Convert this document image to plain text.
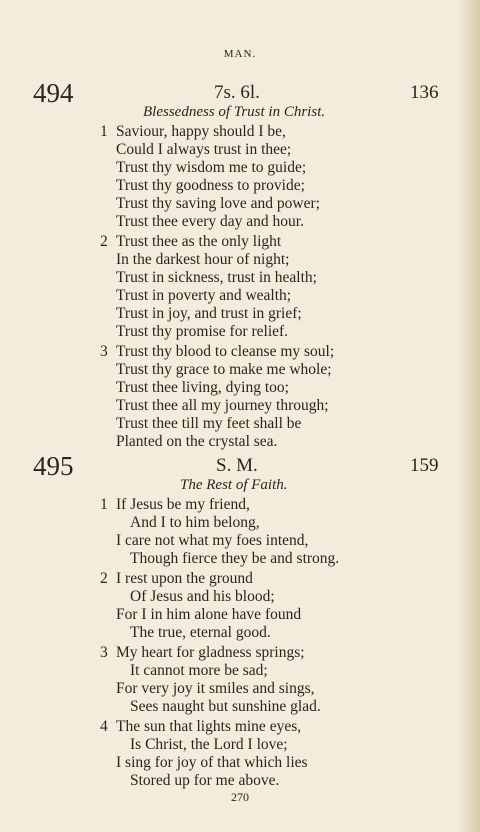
MAN.
494	7s. 6l.	136
Blessedness of Trust in Christ.
1 Saviour, happy should I be,
Could I always trust in thee;
Trust thy wisdom me to guide;
Trust thy goodness to provide;
Trust thy saving love and power;
Trust thee every day and hour.
2 Trust thee as the only light
In the darkest hour of night;
Trust in sickness, trust in health;
Trust in poverty and wealth;
Trust in joy, and trust in grief;
Trust thy promise for relief.
3 Trust thy blood to cleanse my soul;
Trust thy grace to make me whole;
Trust thee living, dying too;
Trust thee all my journey through;
Trust thee till my feet shall be
Planted on the crystal sea.
495	S. M.	159
The Rest of Faith.
1 If Jesus be my friend,
And I to him belong,
I care not what my foes intend,
Though fierce they be and strong.
2 I rest upon the ground
Of Jesus and his blood;
For I in him alone have found
The true, eternal good.
3 My heart for gladness springs;
It cannot more be sad;
For very joy it smiles and sings,
Sees naught but sunshine glad.
4 The sun that lights mine eyes,
Is Christ, the Lord I love;
I sing for joy of that which lies
Stored up for me above.
270
